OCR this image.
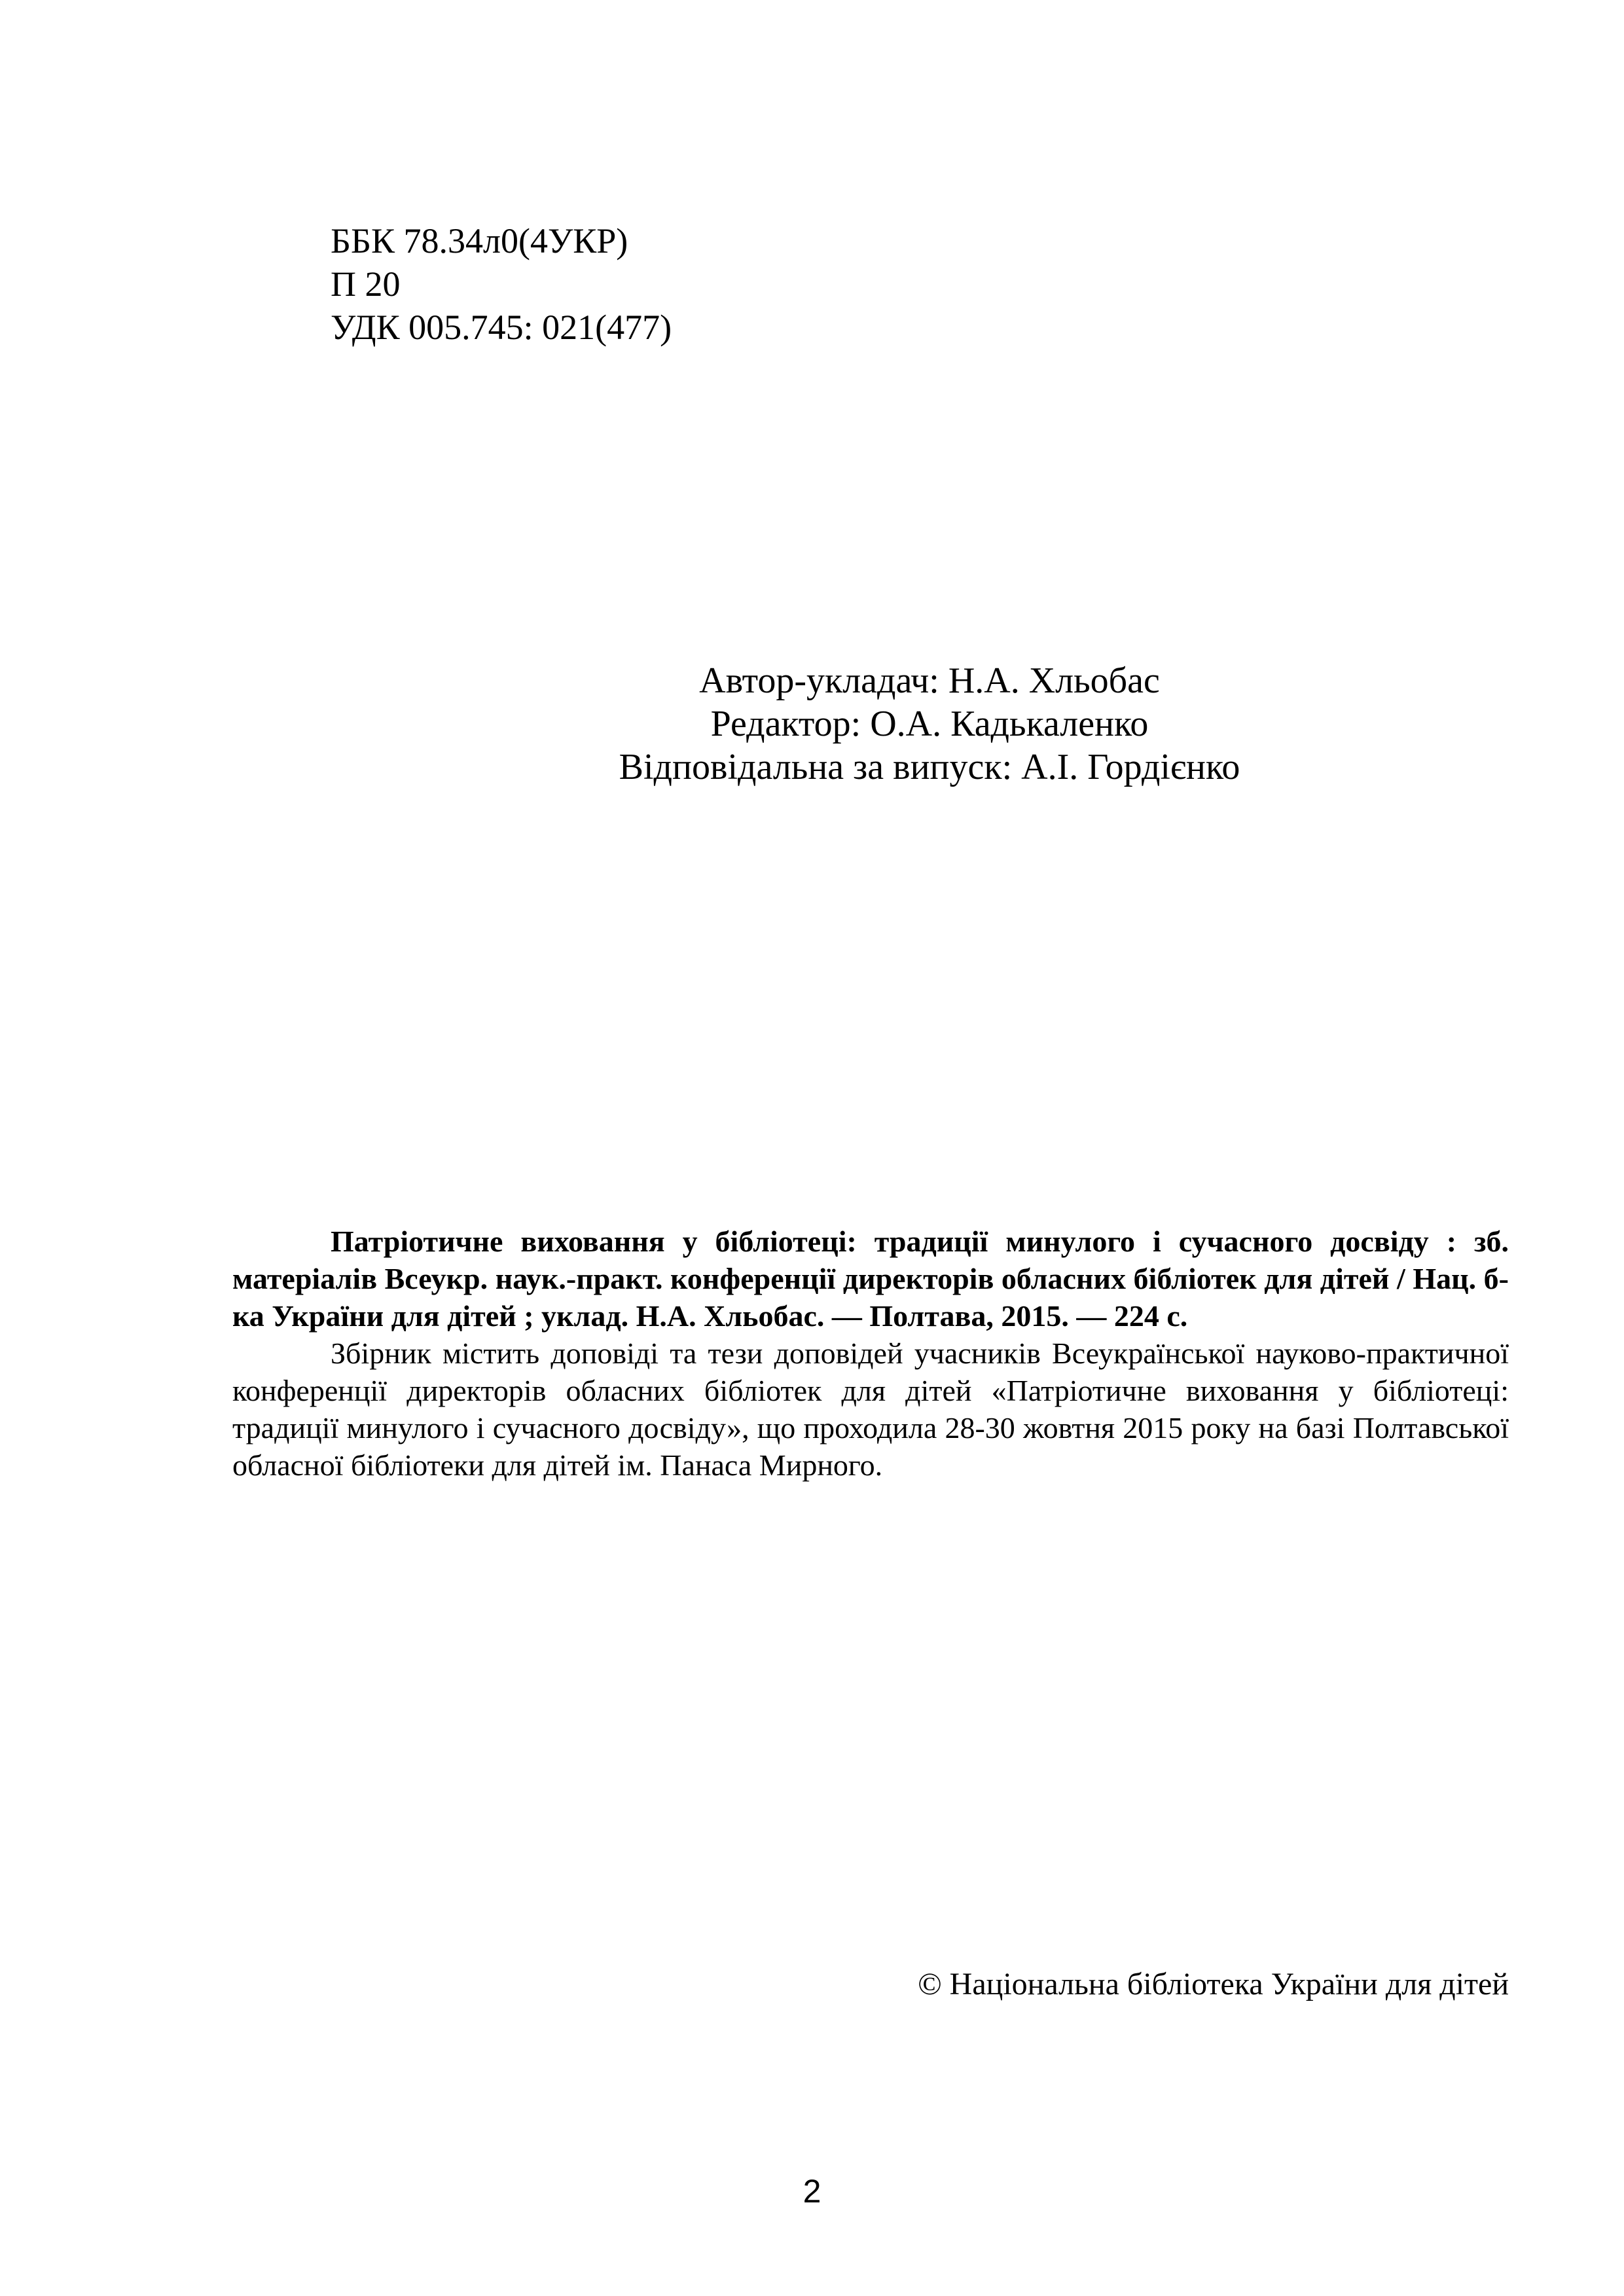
ББК 78.34л0(4УКР)
П 20
УДК 005.745: 021(477)
Автор-укладач: Н.А. Хльобас
Редактор: О.А. Кадькаленко
Відповідальна за випуск: А.І. Гордієнко

Патріотичне виховання у бібліотеці: традиції минулого і сучасного досвіду : зб. матеріалів Всеукр. наук.-практ. конференції директорів обласних бібліотек для дітей / Нац. б-ка України для дітей ; уклад. Н.А. Хльобас. — Полтава, 2015. — 224 с.

Збірник містить доповіді та тези доповідей учасників Всеукраїнської науково-практичної конференції директорів обласних бібліотек для дітей «Патріотичне виховання у бібліотеці: традиції минулого і сучасного досвіду», що проходила 28-30 жовтня 2015 року на базі Полтавської обласної бібліотеки для дітей ім. Панаса Мирного.

© Національна бібліотека України для дітей
2
